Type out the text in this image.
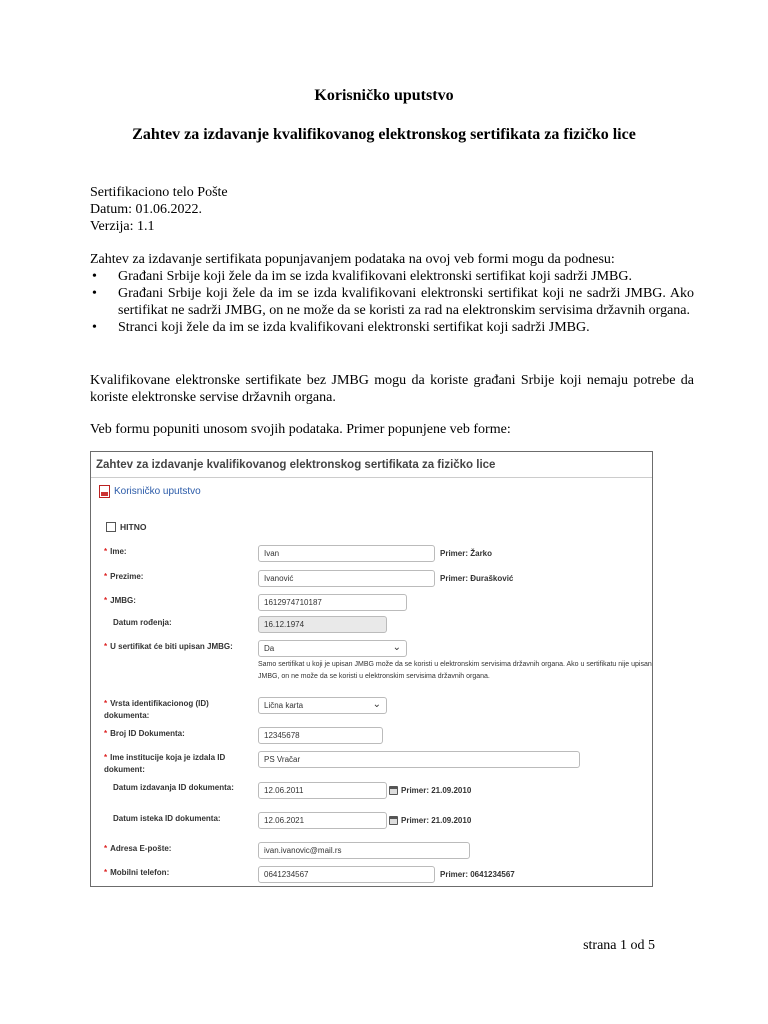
Korisničko uputstvo
Zahtev za izdavanje kvalifikovanog elektronskog sertifikata za fizičko lice
Sertifikaciono telo Pošte
Datum: 01.06.2022.
Verzija: 1.1
Zahtev za izdavanje sertifikata popunjavanjem podataka na ovoj veb formi mogu da podnesu:
• Građani Srbije koji žele da im se izda kvalifikovani elektronski sertifikat koji sadrži JMBG.
• Građani Srbije koji žele da im se izda kvalifikovani elektronski sertifikat koji ne sadrži JMBG. Ako sertifikat ne sadrži JMBG, on ne može da se koristi za rad na elektronskim servisima državnih organa.
• Stranci koji žele da im se izda kvalifikovani elektronski sertifikat koji sadrži JMBG.

Kvalifikovane elektronske sertifikate bez JMBG mogu da koriste građani Srbije koji nemaju potrebe da koriste elektronske servise državnih organa.

Veb formu popuniti unosom svojih podataka. Primer popunjene veb forme:

Zahtev za izdavanje kvalifikovanog elektronskog sertifikata za fizičko lice
Korisničko uputstvo
HITNO
* Ime:	Ivan	Primer: Žarko
* Prezime:	Ivanović	Primer: Đurašković
* JMBG:	1612974710187
Datum rođenja:	16.12.1974
* U sertifikat će biti upisan JMBG:	Da ⌄
Samo sertifikat u koji je upisan JMBG može da se koristi u elektronskim servisima državnih organa. Ako u sertifikatu nije upisan JMBG, on ne može da se koristi u elektronskim servisima državnih organa.
* Vrsta identifikacionog (ID) dokumenta:
Lična karta ⌄
* Broj ID Dokumenta:	12345678
* Ime institucije koja je izdala ID dokument:
PS Vračar
Datum izdavanja ID dokumenta:	12.06.2011	Primer: 21.09.2010
Datum isteka ID dokumenta:	12.06.2021	Primer: 21.09.2010
* Adresa E-pošte:	ivan.ivanovic@mail.rs
* Mobilni telefon:	0641234567	Primer: 0641234567
strana 1 od 5
